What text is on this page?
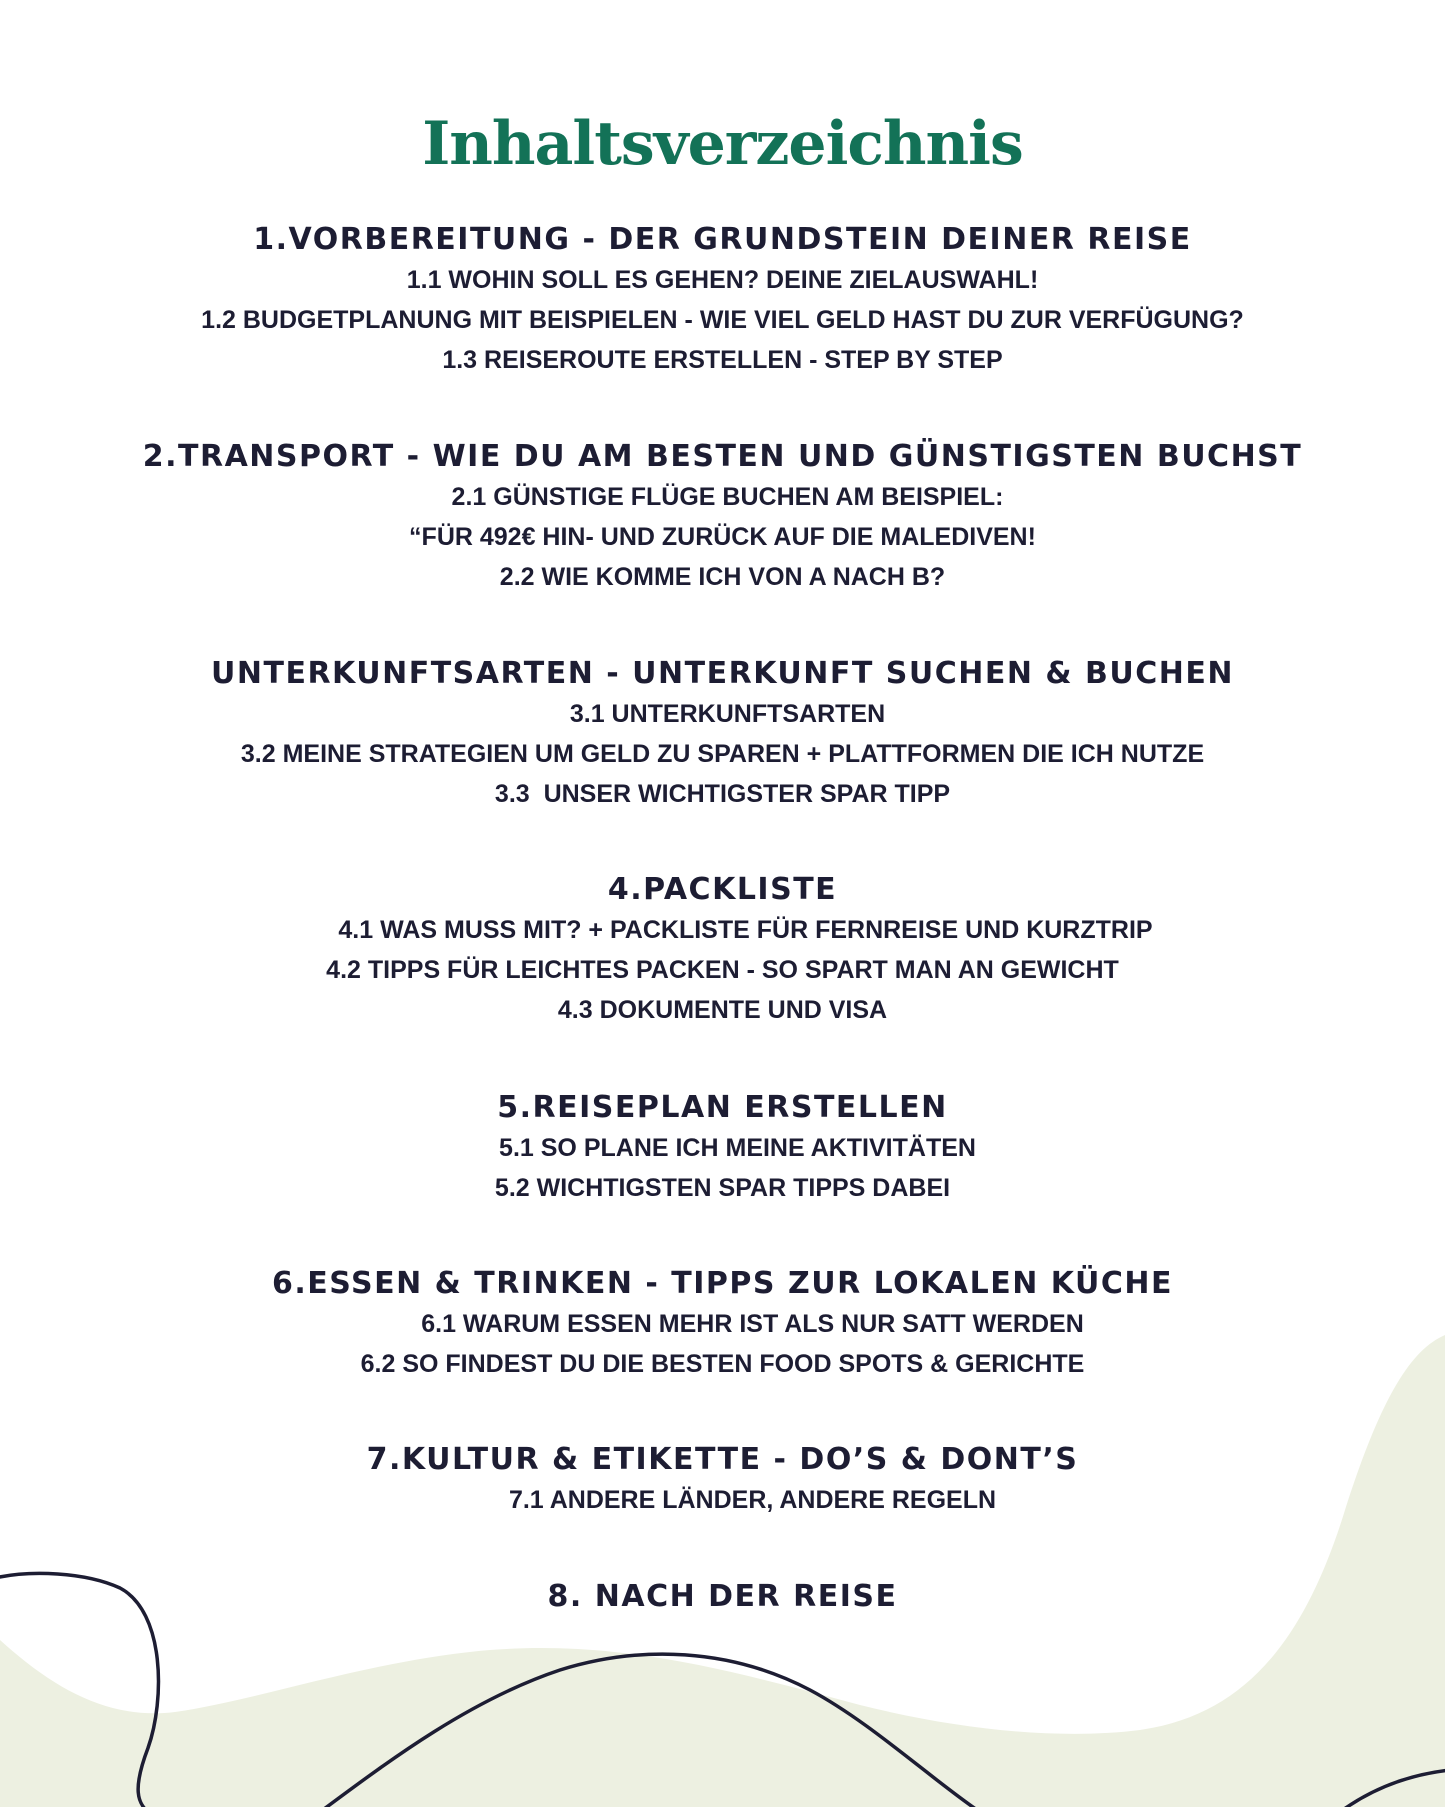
Inhaltsverzeichnis
1.VORBEREITUNG - DER GRUNDSTEIN DEINER REISE
1.1 WOHIN SOLL ES GEHEN? DEINE ZIELAUSWAHL!
1.2 BUDGETPLANUNG MIT BEISPIELEN - WIE VIEL GELD HAST DU ZUR VERFÜGUNG?
1.3 REISEROUTE ERSTELLEN - STEP BY STEP
2.TRANSPORT - WIE DU AM BESTEN UND GÜNSTIGSTEN BUCHST
2.1 GÜNSTIGE FLÜGE BUCHEN AM BEISPIEL:
“FÜR 492€ HIN- UND ZURÜCK AUF DIE MALEDIVEN!
2.2 WIE KOMME ICH VON A NACH B?
UNTERKUNFTSARTEN - UNTERKUNFT SUCHEN & BUCHEN
3.1 UNTERKUNFTSARTEN
3.2 MEINE STRATEGIEN UM GELD ZU SPAREN + PLATTFORMEN DIE ICH NUTZE
3.3  UNSER WICHTIGSTER SPAR TIPP
4.PACKLISTE
4.1 WAS MUSS MIT? + PACKLISTE FÜR FERNREISE UND KURZTRIP
4.2 TIPPS FÜR LEICHTES PACKEN - SO SPART MAN AN GEWICHT
4.3 DOKUMENTE UND VISA
5.REISEPLAN ERSTELLEN
5.1 SO PLANE ICH MEINE AKTIVITÄTEN
5.2 WICHTIGSTEN SPAR TIPPS DABEI
6.ESSEN & TRINKEN - TIPPS ZUR LOKALEN KÜCHE
6.1 WARUM ESSEN MEHR IST ALS NUR SATT WERDEN
6.2 SO FINDEST DU DIE BESTEN FOOD SPOTS & GERICHTE
7.KULTUR & ETIKETTE - DO’S & DONT’S
7.1 ANDERE LÄNDER, ANDERE REGELN
8. NACH DER REISE
